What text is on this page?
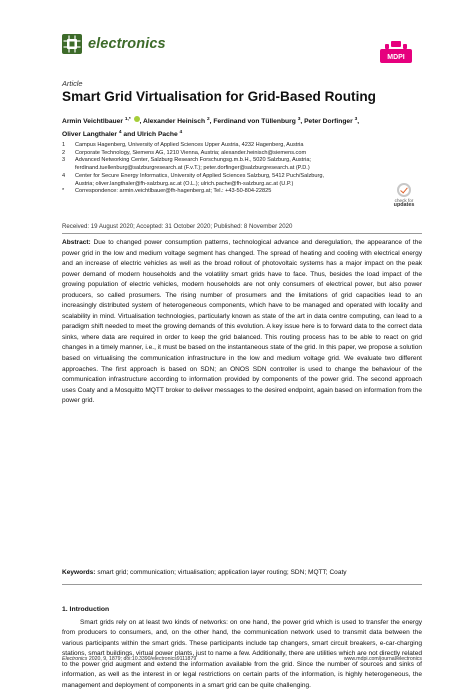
electronics
MDPI
Article
Smart Grid Virtualisation for Grid-Based Routing
Armin Veichtlbauer $^{1,*}$ , Alexander Heinisch $^2$, Ferdinand von Tüllenburg $^3$, Peter Dorfinger $^3$,
Oliver Langthaler $^4$ and Ulrich Pache $^4$
1	Campus Hagenberg, University of Applied Sciences Upper Austria, 4232 Hagenberg, Austria
2	Corporate Technology, Siemens AG, 1210 Vienna, Austria; alexander.heinisch@siemens.com
3	Advanced Networking Center, Salzburg Research Forschungsg.m.b.H., 5020 Salzburg, Austria;
ferdinand.tuellenburg@salzburgresearch.at (F.v.T.); peter.dorfinger@salzburgresearch.at (P.D.)
4	Center for Secure Energy Informatics, University of Applied Sciences Salzburg, 5412 Puch/Salzburg,
Austria; oliver.langthaler@fh-salzburg.ac.at (O.L.); ulrich.pache@fh-salzburg.ac.at (U.P.)
*	Correspondence: armin.veichtlbauer@fh-hagenberg.at; Tel.: +43-50-804-22825
check for
updates
Received: 19 August 2020; Accepted: 31 October 2020; Published: 8 November 2020
Abstract: Due to changed power consumption patterns, technological advance and deregulation, the appearance of the power grid in the low and medium voltage segment has changed. The spread of heating and cooling with electrical energy and an increase of electric vehicles as well as the broad rollout of photovoltaic systems has a major impact on the peak power demand of modern households and the volatility smart grids have to face. Thus, besides the load impact of the growing population of electric vehicles, modern households are not only consumers of electrical power, but also power producers, so called prosumers. The rising number of prosumers and the limitations of grid capacities lead to an increasingly distributed system of heterogeneous components, which have to be managed and operated with locality and scalability in mind. Virtualisation technologies, particularly known as state of the art in data centre computing, can lead to a paradigm shift needed to meet the growing demands of this evolution. A key issue here is to forward data to the correct data sinks, where data are required in order to keep the grid balanced. This routing process has to be able to react on grid changes in a timely manner, i.e., it must be based on the instantaneous state of the grid. In this paper, we propose a solution based on virtualising the communication infrastructure in the low and medium voltage grid. We evaluate two different approaches. The first approach is based on SDN; an ONOS SDN controller is used to change the behaviour of the communication infrastructure according to information provided by components of the power grid. The second approach uses Coaty and a Mosquitto MQTT broker to deliver messages to the desired endpoint, again based on information from the power grid.
Keywords: smart grid; communication; virtualisation; application layer routing; SDN; MQTT; Coaty
1. Introduction
Smart grids rely on at least two kinds of networks: on one hand, the power grid which is used to transfer the energy from producers to consumers, and, on the other hand, the communication network used to transmit data between the various participants within the smart grids. These participants include tap changers, smart circuit breakers, e-car-charging stations, smart buildings, virtual power plants, just to name a few. Additionally, there are utilities which are not directly related to the power grid augment and extend the information available from the grid. Since the number of sources and sinks of information, as well as the interest in or legal restrictions on certain parts of the information, is highly heterogeneous, the management and deployment of components in a smart grid can be quite challenging.
Electronics 2020, 9, 1879; doi:10.3390/electronics9111879	www.mdpi.com/journal/electronics
